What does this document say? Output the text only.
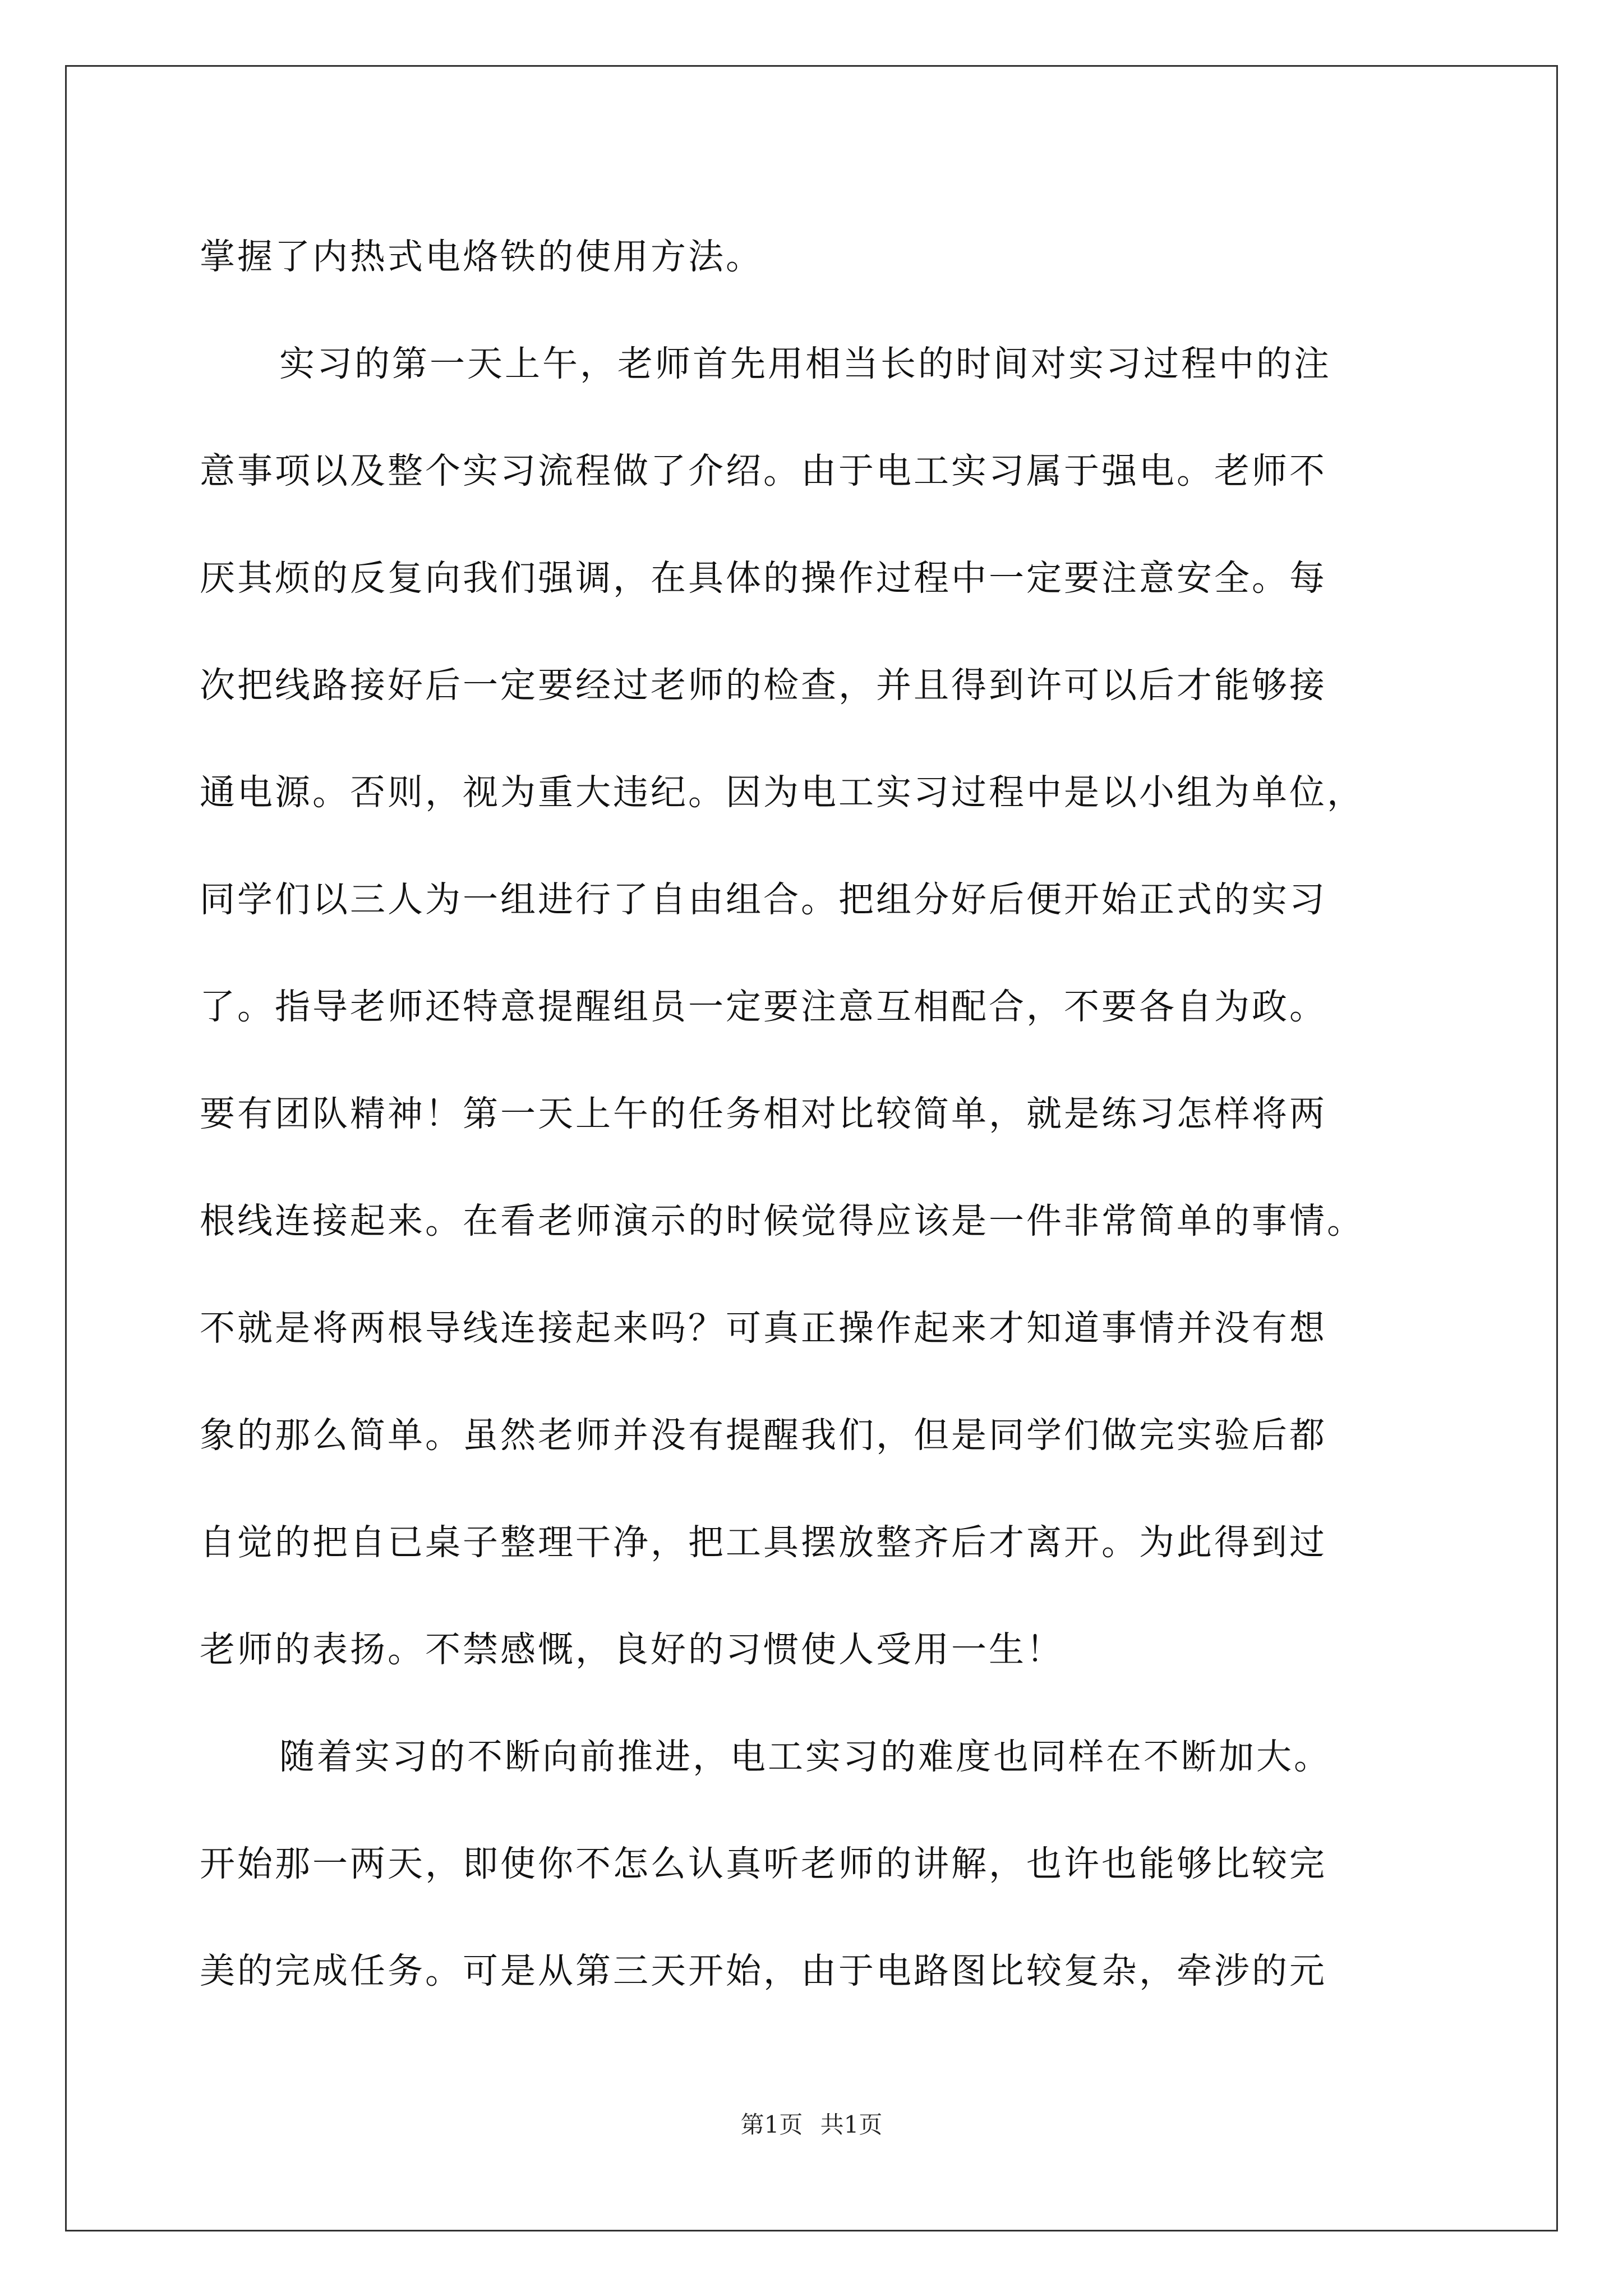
掌握了内热式电烙铁的使用方法。
实习的第一天上午，老师首先用相当长的时间对实习过程中的注
意事项以及整个实习流程做了介绍。由于电工实习属于强电。老师不
厌其烦的反复向我们强调，在具体的操作过程中一定要注意安全。每
次把线路接好后一定要经过老师的检查，并且得到许可以后才能够接
通电源。否则，视为重大违纪。因为电工实习过程中是以小组为单位，
同学们以三人为一组进行了自由组合。把组分好后便开始正式的实习
了。指导老师还特意提醒组员一定要注意互相配合，不要各自为政。
要有团队精神！第一天上午的任务相对比较简单，就是练习怎样将两
根线连接起来。在看老师演示的时候觉得应该是一件非常简单的事情。
不就是将两根导线连接起来吗？可真正操作起来才知道事情并没有想
象的那么简单。虽然老师并没有提醒我们，但是同学们做完实验后都
自觉的把自已桌子整理干净，把工具摆放整齐后才离开。为此得到过
老师的表扬。不禁感慨，良好的习惯使人受用一生！
随着实习的不断向前推进，电工实习的难度也同样在不断加大。
开始那一两天，即使你不怎么认真听老师的讲解，也许也能够比较完
美的完成任务。可是从第三天开始，由于电路图比较复杂，牵涉的元
第1页 共1页
